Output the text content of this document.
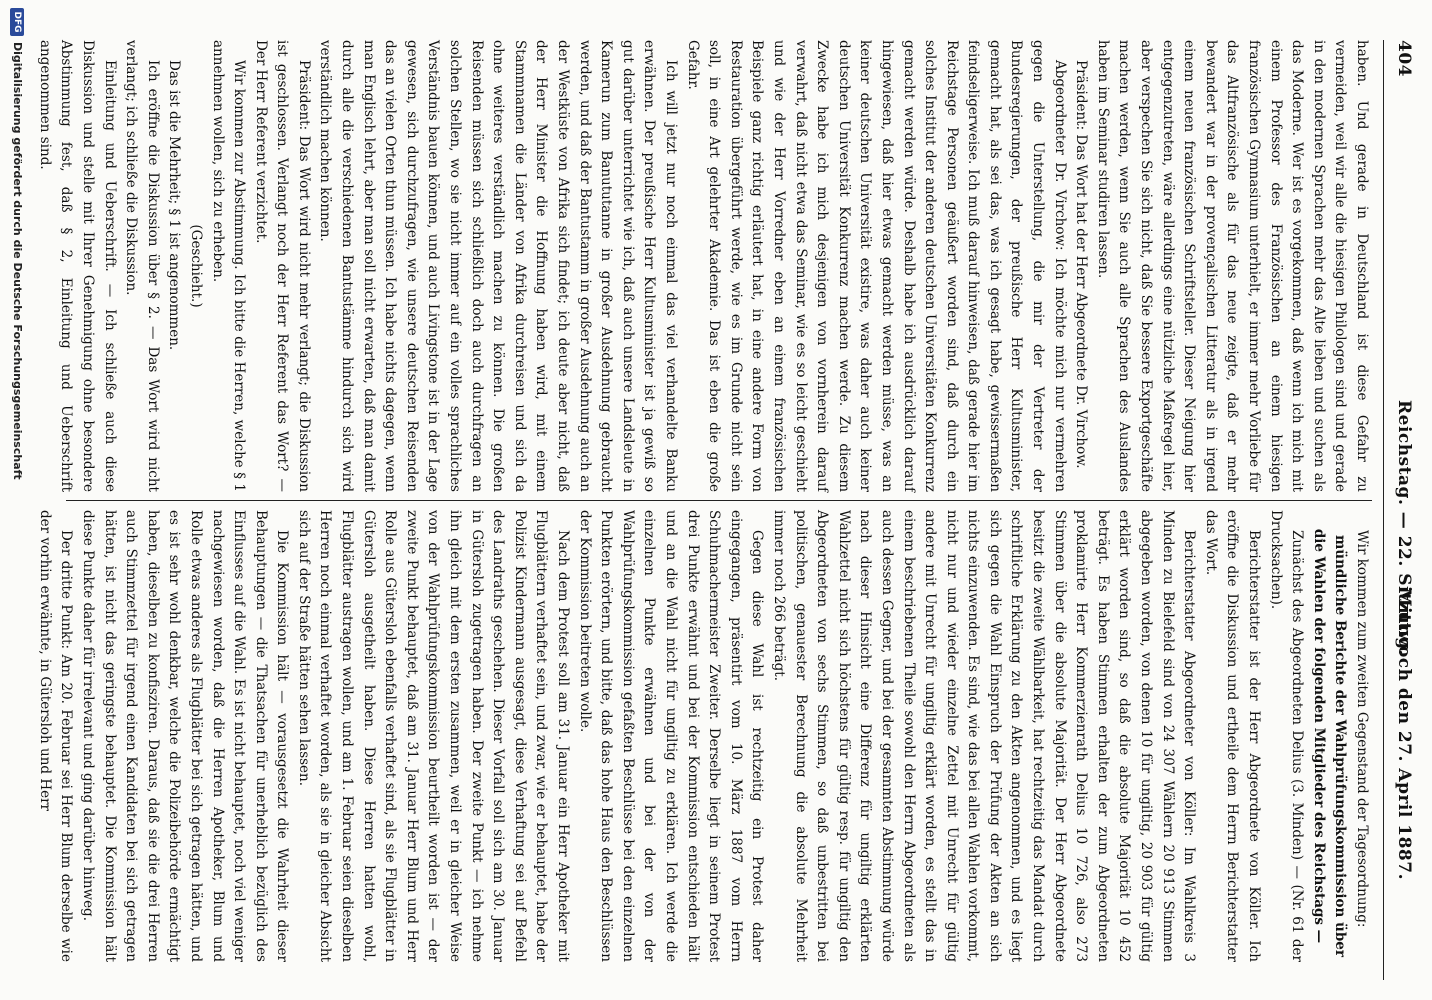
404
Reichstag. — 22. Sitzung.
Mittwoch den 27. April 1887.

haben. Und gerade in Deutschland ist diese Gefahr zu vermeiden, weil wir alle die hiesigen Philologen sind und gerade in den modernen Sprachen mehr das Alte lieben und suchen als das Moderne. Wer ist es vorgekommen, daß wenn ich mich mit einem Professor des Französischen an einem hiesigen französischen Gymnasium unterhielt, er immer mehr Vorliebe für das Altfranzösische als für das neue zeigte, daß er mehr bewandert war in der provençalischen Litteratur als in irgend einem neuen französischen Schriftsteller. Dieser Neigung hier entgegenzutreten, wäre allerdings eine nützliche Maßregel hier, aber verspechen Sie sich nicht, daß Sie bessere Exportgeschäfte machen werden, wenn Sie auch alle Sprachen des Auslandes haben im Seminar studiren lassen.

Präsident: Das Wort hat der Herr Abgeordnete Dr. Virchow.

Abgeordneter Dr. Virchow: Ich möchte mich nur vermehren gegen die Unterstellung, die mir der Vertreter der Bundesregierungen, der preußische Herr Kultusminister, gemacht hat, als sei das, was ich gesagt habe, gewissermaßen feindseligerweise. Ich muß darauf hinweisen, daß gerade hier im Reichstage Personen geäußert worden sind, daß durch ein solches Institut der anderen deutschen Universitäten Konkurrenz gemacht werden würde. Deshalb habe ich ausdrücklich darauf hingewiesen, daß hier etwas gemacht werden müsse, was an keiner deutschen Universität existire, was daher auch keiner deutschen Universität Konkurrenz machen werde. Zu diesem Zwecke habe ich mich desjenigen von vornherein darauf verwahrt, daß nicht etwa das Seminar, wie es so leicht geschieht und wie der Herr Vorredner eben an einem französischen Beispiele ganz richtig erläutert hat, in eine andere Form von Restauration übergeführt werde, wie es im Grunde nicht sein soll, in eine Art gelehrter Akademie. Das ist eben die große Gefahr.

Ich will jetzt nur noch einmal das viel verhandelte Banku erwähnen. Der preußische Herr Kultusminister ist ja gewiß so gut darüber unterrichtet wie ich, daß auch unsere Landsleute in Kamerun zum Banututanne in großer Ausdehnung gebraucht werden, und daß der Bantustamm in großer Ausdehnung auch an der Westküste von Afrika sich findet; ich deute aber nicht, daß der Herr Minister die Hoffnung haben wird, mit einem Stammnamen die Länder von Afrika durchreisen und sich da ohne weiteres verständlich machen zu können. Die großen Reisenden müssen sich schließlich doch auch durchfragen an solchen Stellen, wo sie nicht immer auf ein volles sprachliches Verständnis bauen können, und auch Livingstone ist in der Lage gewesen, sich durchzufragen, wie unsere deutschen Reisenden das an vielen Orten thun müssen. Ich habe nichts dagegen, wenn man Englisch lehrt, aber man soll nicht erwarten, daß man damit durch alle die verschiedenen Bantustämme hindurch sich wird verständlich machen können.

Präsident: Das Wort wird nicht mehr verlangt; die Diskussion ist geschlossen. Verlangt noch der Herr Referent das Wort? — Der Herr Referent verzichtet.

Wir kommen zur Abstimmung. Ich bitte die Herren, welche § 1 annehmen wollen, sich zu erheben.

(Geschieht.)

Das ist die Mehrheit; § 1 ist angenommen.

Ich eröffne die Diskussion über § 2. — Das Wort wird nicht verlangt; ich schließe die Diskussion.

Einleitung und Ueberschrift. — Ich schließe auch diese Diskussion und stelle mit Ihrer Genehmigung ohne besondere Abstimmung fest, daß § 2, Einleitung und Ueberschrift angenommen sind.

Wir kommen zum zweiten Gegenstand der Tagesordnung:

mündliche Berichte der Wahlprüfungskommission über die Wahlen der folgenden Mitglieder des Reichstags —

Zunächst des Abgeordneten Delius (3. Minden) — (Nr. 61 der Drucksachen).

Berichterstatter ist der Herr Abgeordnete von Köller. Ich eröffne die Diskussion und ertheile dem Herrn Berichterstatter das Wort.

Berichterstatter Abgeordneter von Köller: Im Wahlkreis 3 Minden zu Bielefeld sind von 24 307 Wählern 20 913 Stimmen abgegeben worden, von denen 10 für ungiltig, 20 903 für gültig erklärt worden sind, so daß die absolute Majorität 10 452 beträgt. Es haben Stimmen erhalten der zum Abgeordneten proklamirte Herr Kommerzienrath Delius 10 726, also 273 Stimmen über die absolute Majorität. Der Herr Abgeordnete besitzt die zweite Wählbarkeit, hat rechtzeitig das Mandat durch schriftliche Erklärung zu den Akten angenommen, und es liegt sich gegen die Wahl Einspruch der Prüfung der Akten an sich nichts einzuwenden. Es sind, wie das bei allen Wahlen vorkommt, nicht nur und wieder einzelne Zettel mit Unrecht für gültig andere mit Unrecht für ungiltig erklärt worden, es stellt das in einem beschriebenen Theile sowohl den Herrn Abgeordneten als auch dessen Gegner, und bei der gesammten Abstimmung würde nach dieser Hinsicht eine Differenz für ungiltig erklärten Wahlzettel nicht sich höchstens für gültig resp. für ungiltig den Abgeordneten von sechs Stimmen, so daß unbestritten bei politischen, genauester Berechnung die absolute Mehrheit immer noch 266 beträgt.

Gegen diese Wahl ist rechtzeitig ein Protest daher eingegangen, präsentirt vom 10. März 1887 vom Herrn Schuhmachermeister Zweiter. Derselbe liegt in seinem Protest drei Punkte erwähnt und bei der Kommission entschieden hält und an die Wahl nicht für ungiltig zu erklären. Ich werde die einzelnen Punkte erwähnen und bei der von der Wahlprüfungskommission gefaßten Beschlüsse bei den einzelnen Punkten erörtern, und bitte, daß das hohe Haus den Beschlüssen der Kommission beitreten wolle.

Nach dem Protest soll am 31. Januar ein Herr Apotheker mit Flugblättern verhaftet sein, und zwar, wie er behauptet, habe der Polizist Kindermann ausgesagt, diese Verhaftung sei auf Befehl des Landraths geschehen. Dieser Vorfall soll sich am 30. Januar in Gütersloh zugetragen haben. Der zweite Punkt — ich nehme ihn gleich mit dem ersten zusammen, weil er in gleicher Weise von der Wahlprüfungskommission beurtheilt worden ist — der zweite Punkt behauptet, daß am 31. Januar Herr Blum und Herr Rolle aus Gütersloh ebenfalls verhaftet sind, als sie Flugblätter in Gütersloh ausgetheilt haben. Diese Herren hatten wohl, Flugblätter austragen wollen, und am 1. Februar seien dieselben Herren noch einmal verhaftet worden, als sie in gleicher Absicht sich auf der Straße hätten sehen lassen.

Die Kommission hält — vorausgesetzt die Wahrheit dieser Behauptungen — die Thatsachen für unerheblich bezüglich des Einflusses auf die Wahl. Es ist nicht behauptet, noch viel weniger nachgewiesen worden, daß die Herren Apotheker, Blum und Rolle etwas anderes als Flugblätter bei sich getragen hätten, und es ist sehr wohl denkbar, welche die Polizeibehörde ermächtigt haben, dieselben zu konfisziren. Daraus, daß sie die drei Herren auch Stimmzettel für irgend einen Kandidaten bei sich getragen hätten, ist nicht das geringste behauptet. Die Kommission hält diese Punkte daher für irrelevant und ging darüber hinweg.

Der dritte Punkt: Am 20. Februar sei Herr Blum derselbe wie der vorhin erwähnte, in Gütersloh und Herr

DFGDigitalisierung gefördert durch die Deutsche Forschungsgemeinschaft
